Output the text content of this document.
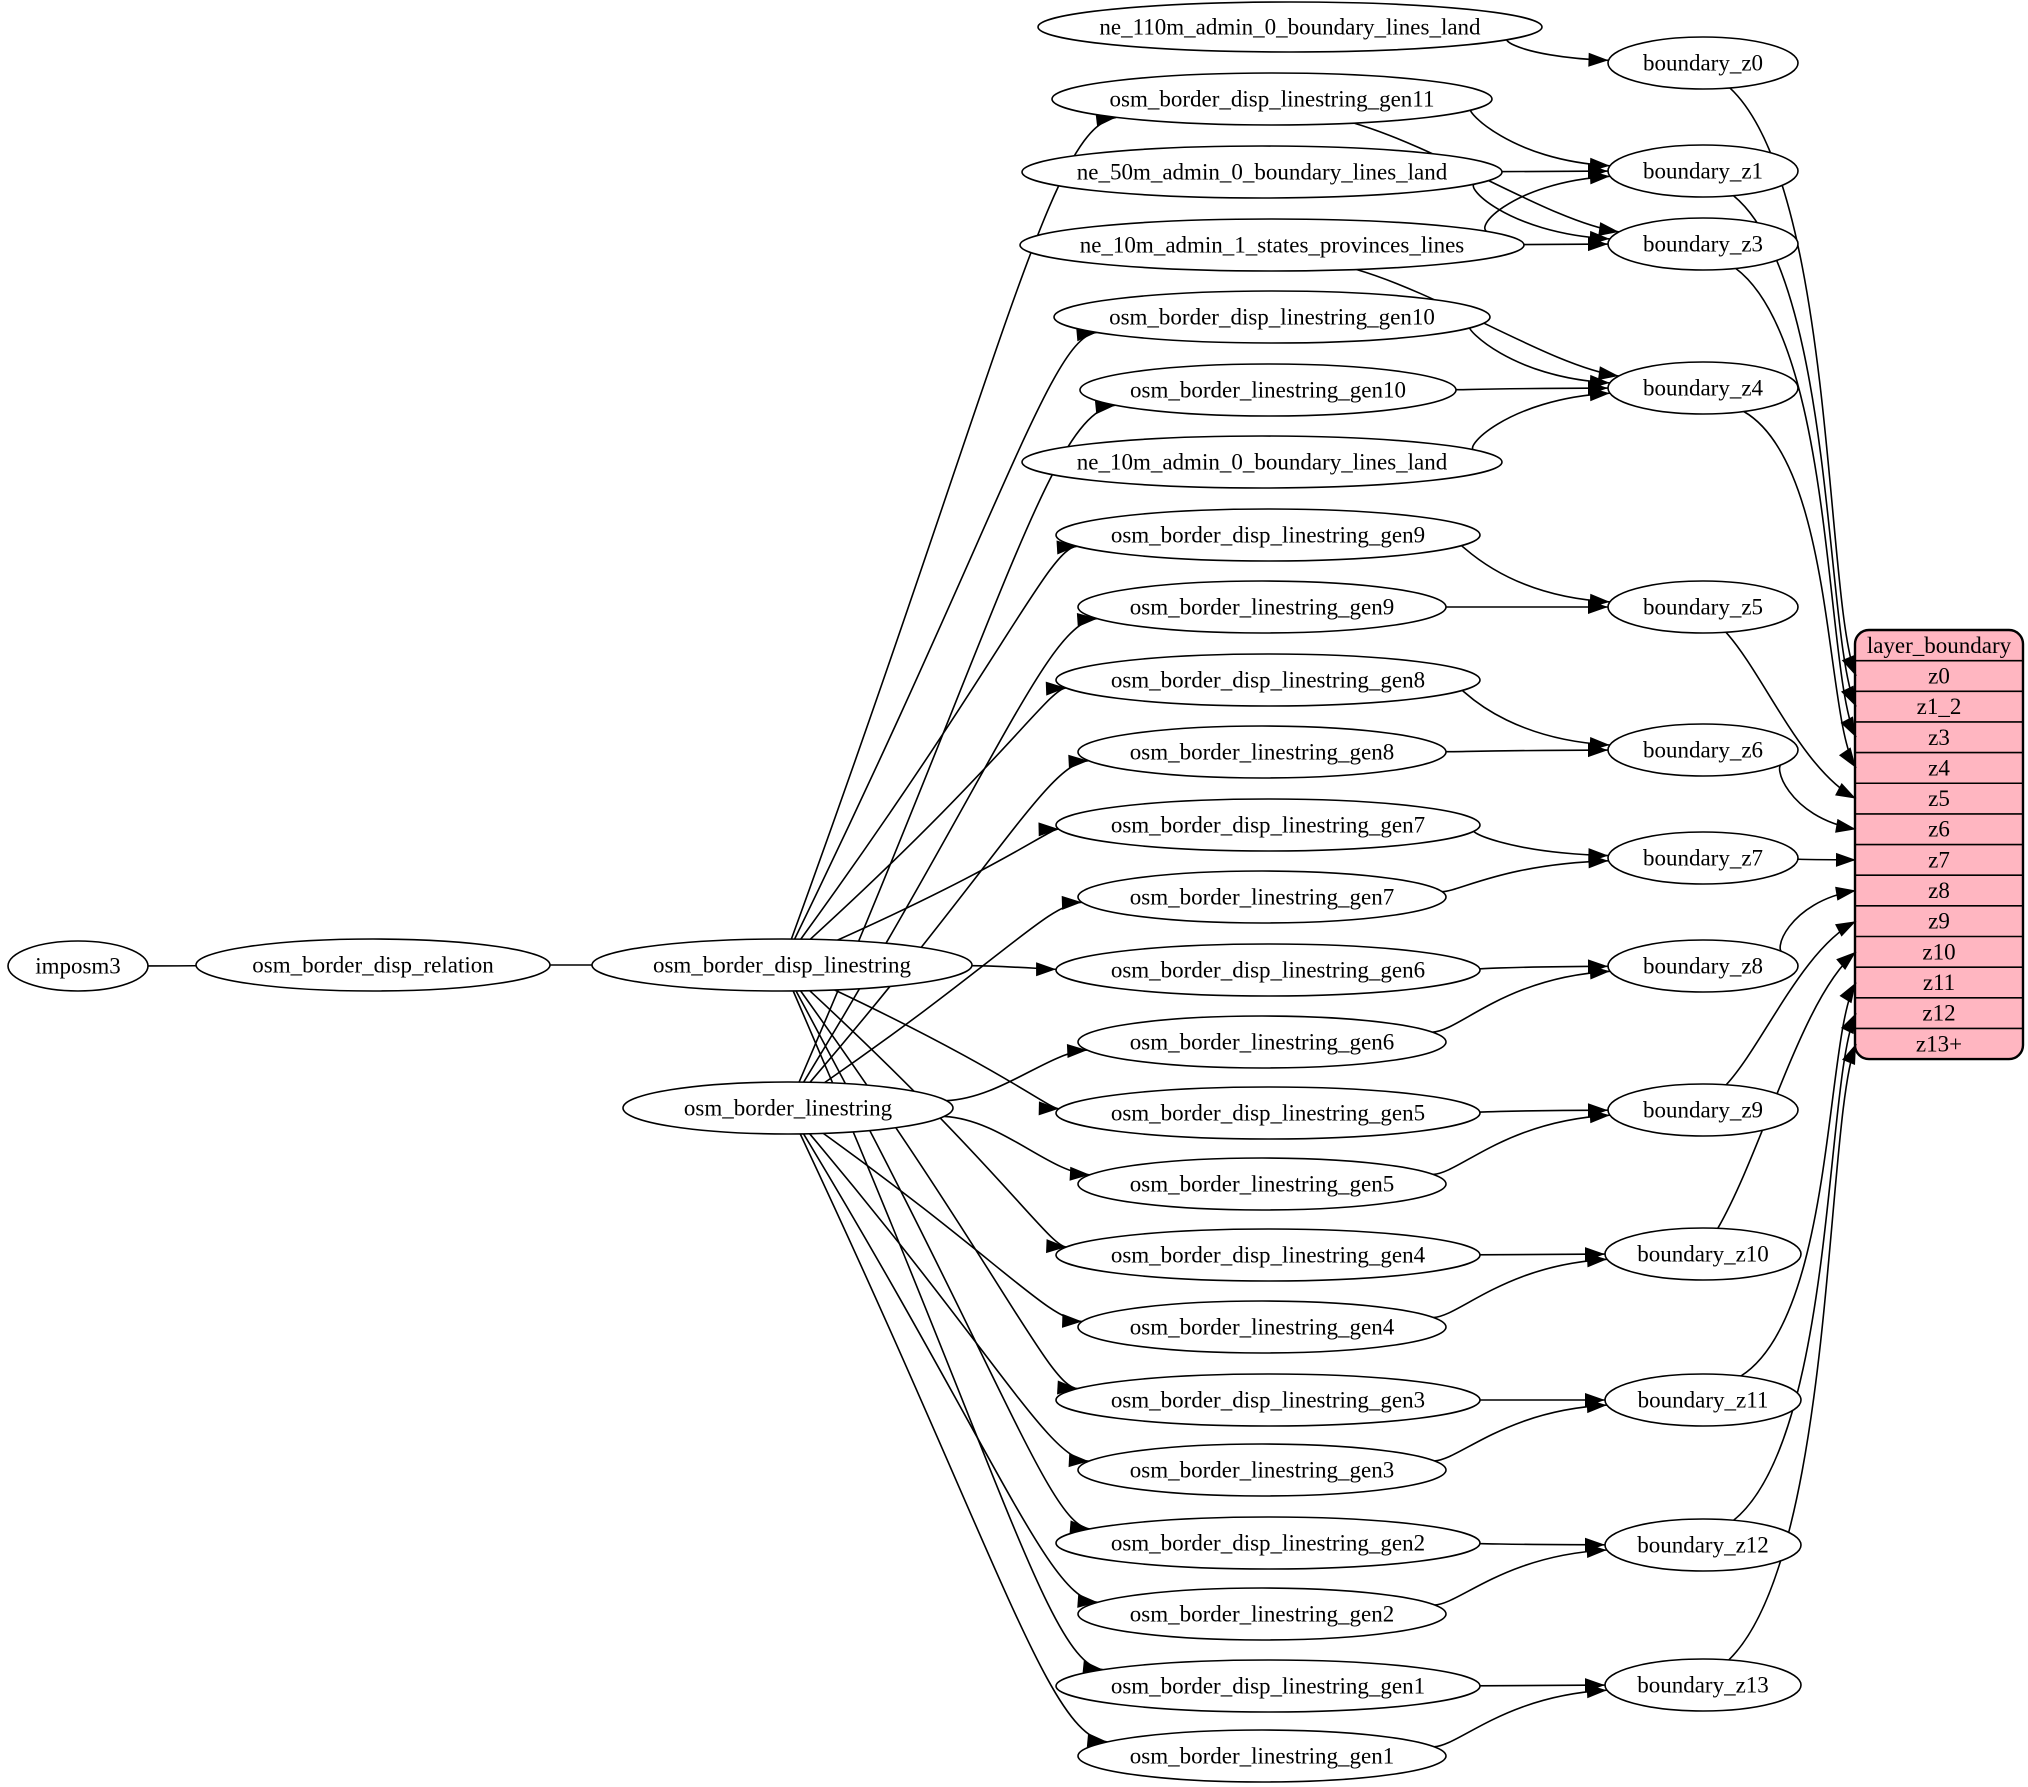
layer_boundary
z0
z1_2
z3
z4
z5
z6
z7
z8
z9
z10
z11
z12
z13+
imposm3	osm_border_disp_relation	osm_border_disp_linestring
osm_border_linestring
ne_110m_admin_0_boundary_lines_land
osm_border_disp_linestring_gen11
ne_50m_admin_0_boundary_lines_land
ne_10m_admin_1_states_provinces_lines
osm_border_disp_linestring_gen10
osm_border_linestring_gen10
ne_10m_admin_0_boundary_lines_land
osm_border_disp_linestring_gen9
osm_border_linestring_gen9
osm_border_disp_linestring_gen8
osm_border_linestring_gen8
osm_border_disp_linestring_gen7
osm_border_linestring_gen7
osm_border_disp_linestring_gen6
osm_border_linestring_gen6
osm_border_disp_linestring_gen5
osm_border_linestring_gen5
osm_border_disp_linestring_gen4
osm_border_linestring_gen4
osm_border_disp_linestring_gen3
osm_border_linestring_gen3
osm_border_disp_linestring_gen2
osm_border_linestring_gen2
osm_border_disp_linestring_gen1
osm_border_linestring_gen1
boundary_z0
boundary_z1
boundary_z3
boundary_z4
boundary_z5
boundary_z6
boundary_z7
boundary_z8
boundary_z9
boundary_z10
boundary_z11
boundary_z12
boundary_z13
